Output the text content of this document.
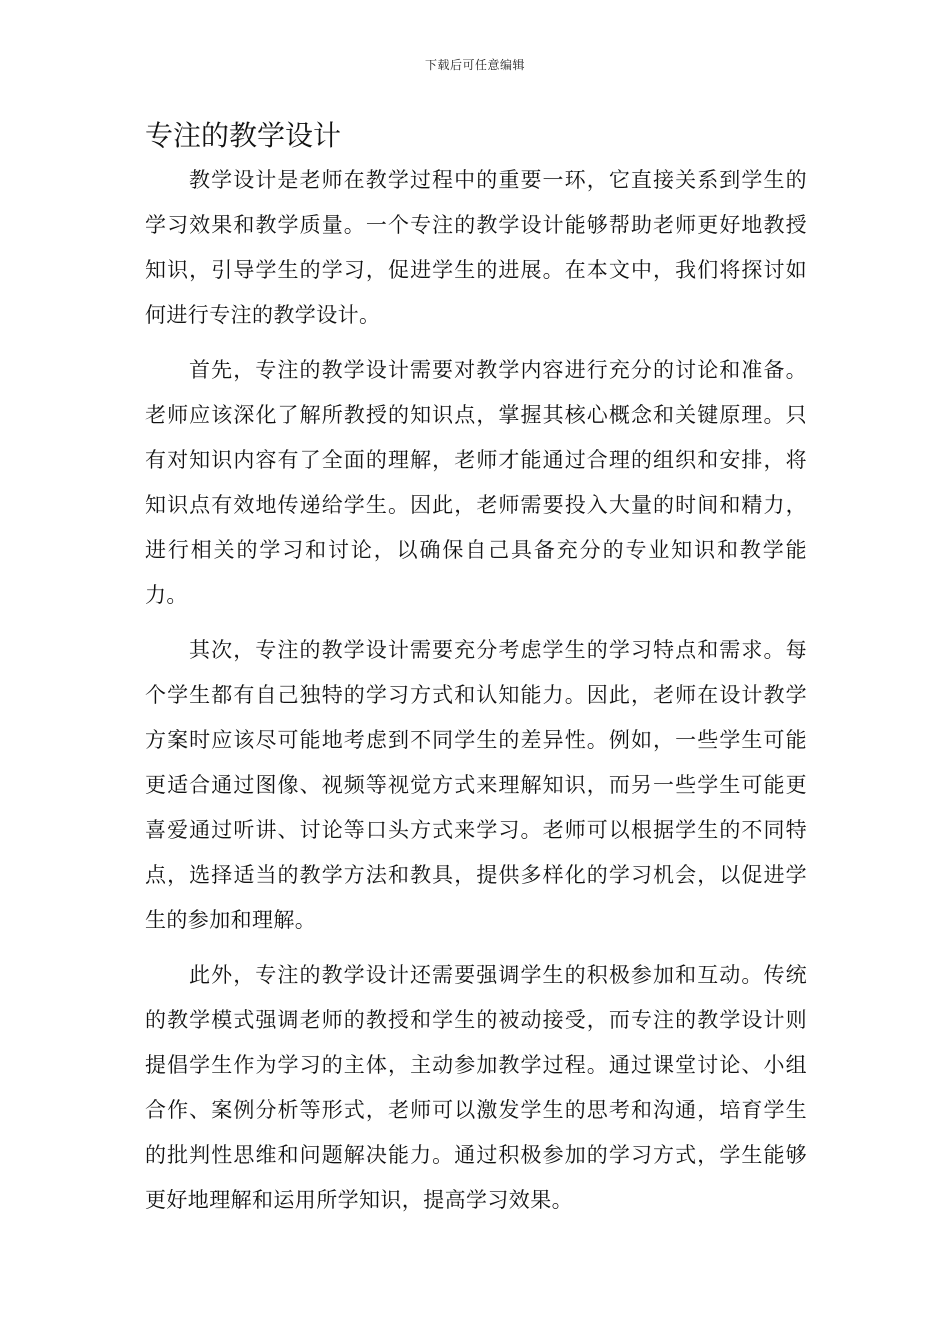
下载后可任意编辑
专注的教学设计

教学设计是老师在教学过程中的重要一环，它直接关系到学生的学习效果和教学质量。一个专注的教学设计能够帮助老师更好地教授知识，引导学生的学习，促进学生的进展。在本文中，我们将探讨如何进行专注的教学设计。

首先，专注的教学设计需要对教学内容进行充分的讨论和准备。老师应该深化了解所教授的知识点，掌握其核心概念和关键原理。只有对知识内容有了全面的理解，老师才能通过合理的组织和安排，将知识点有效地传递给学生。因此，老师需要投入大量的时间和精力，进行相关的学习和讨论，以确保自己具备充分的专业知识和教学能力。

其次，专注的教学设计需要充分考虑学生的学习特点和需求。每个学生都有自己独特的学习方式和认知能力。因此，老师在设计教学方案时应该尽可能地考虑到不同学生的差异性。例如，一些学生可能更适合通过图像、视频等视觉方式来理解知识，而另一些学生可能更喜爱通过听讲、讨论等口头方式来学习。老师可以根据学生的不同特点，选择适当的教学方法和教具，提供多样化的学习机会，以促进学生的参加和理解。

此外，专注的教学设计还需要强调学生的积极参加和互动。传统的教学模式强调老师的教授和学生的被动接受，而专注的教学设计则提倡学生作为学习的主体，主动参加教学过程。通过课堂讨论、小组合作、案例分析等形式，老师可以激发学生的思考和沟通，培育学生的批判性思维和问题解决能力。通过积极参加的学习方式，学生能够更好地理解和运用所学知识，提高学习效果。
